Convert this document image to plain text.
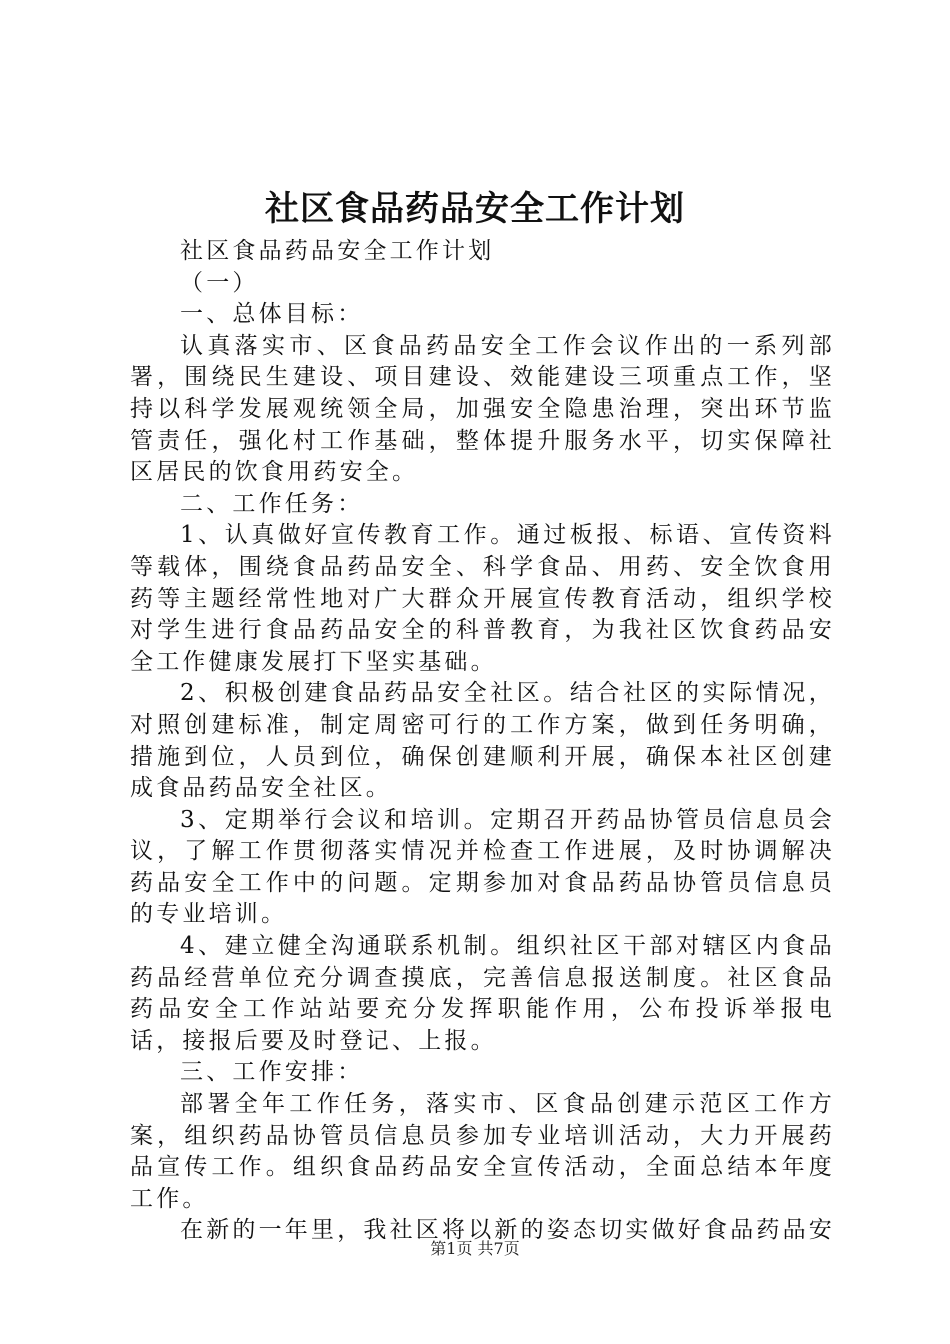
社区食品药品安全工作计划

社区食品药品安全工作计划

（一）

一、总体目标：

认真落实市、区食品药品安全工作会议作出的一系列部署，围绕民生建设、项目建设、效能建设三项重点工作，坚持以科学发展观统领全局，加强安全隐患治理，突出环节监管责任，强化村工作基础，整体提升服务水平，切实保障社区居民的饮食用药安全。

二、工作任务：

1、认真做好宣传教育工作。通过板报、标语、宣传资料等载体，围绕食品药品安全、科学食品、用药、安全饮食用药等主题经常性地对广大群众开展宣传教育活动，组织学校对学生进行食品药品安全的科普教育，为我社区饮食药品安全工作健康发展打下坚实基础。

2、积极创建食品药品安全社区。结合社区的实际情况，对照创建标准，制定周密可行的工作方案，做到任务明确，措施到位，人员到位，确保创建顺利开展，确保本社区创建成食品药品安全社区。

3、定期举行会议和培训。定期召开药品协管员信息员会议，了解工作贯彻落实情况并检查工作进展，及时协调解决药品安全工作中的问题。定期参加对食品药品协管员信息员的专业培训。

4、建立健全沟通联系机制。组织社区干部对辖区内食品药品经营单位充分调查摸底，完善信息报送制度。社区食品药品安全工作站站要充分发挥职能作用，公布投诉举报电话，接报后要及时登记、上报。

三、工作安排：

部署全年工作任务，落实市、区食品创建示范区工作方案，组织药品协管员信息员参加专业培训活动，大力开展药品宣传工作。组织食品药品安全宣传活动，全面总结本年度工作。

在新的一年里，我社区将以新的姿态切实做好食品药品安

第1页 共7页
